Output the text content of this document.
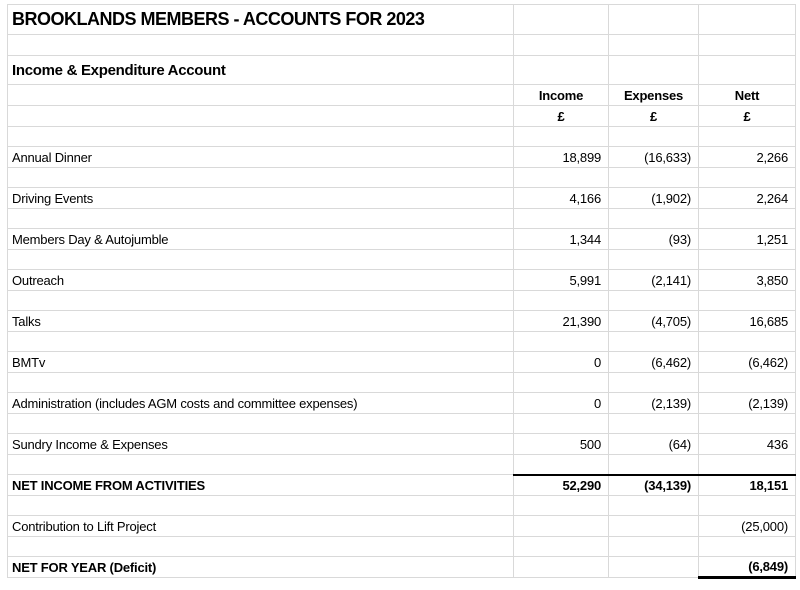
BROOKLANDS MEMBERS - ACCOUNTS FOR 2023			

Income & Expenditure Account			
	Income	Expenses	Nett
	£	£	£

Annual Dinner	18,899	(16,633)	2,266

Driving Events	4,166	(1,902)	2,264

Members Day & Autojumble	1,344	(93)	1,251

Outreach	5,991	(2,141)	3,850

Talks	21,390	(4,705)	16,685

BMTv	0	(6,462)	(6,462)

Administration (includes AGM costs and committee expenses)	0	(2,139)	(2,139)

Sundry Income & Expenses	500	(64)	436

NET INCOME FROM ACTIVITIES	52,290	(34,139)	18,151

Contribution to Lift Project			(25,000)

NET FOR YEAR (Deficit)			(6,849)
